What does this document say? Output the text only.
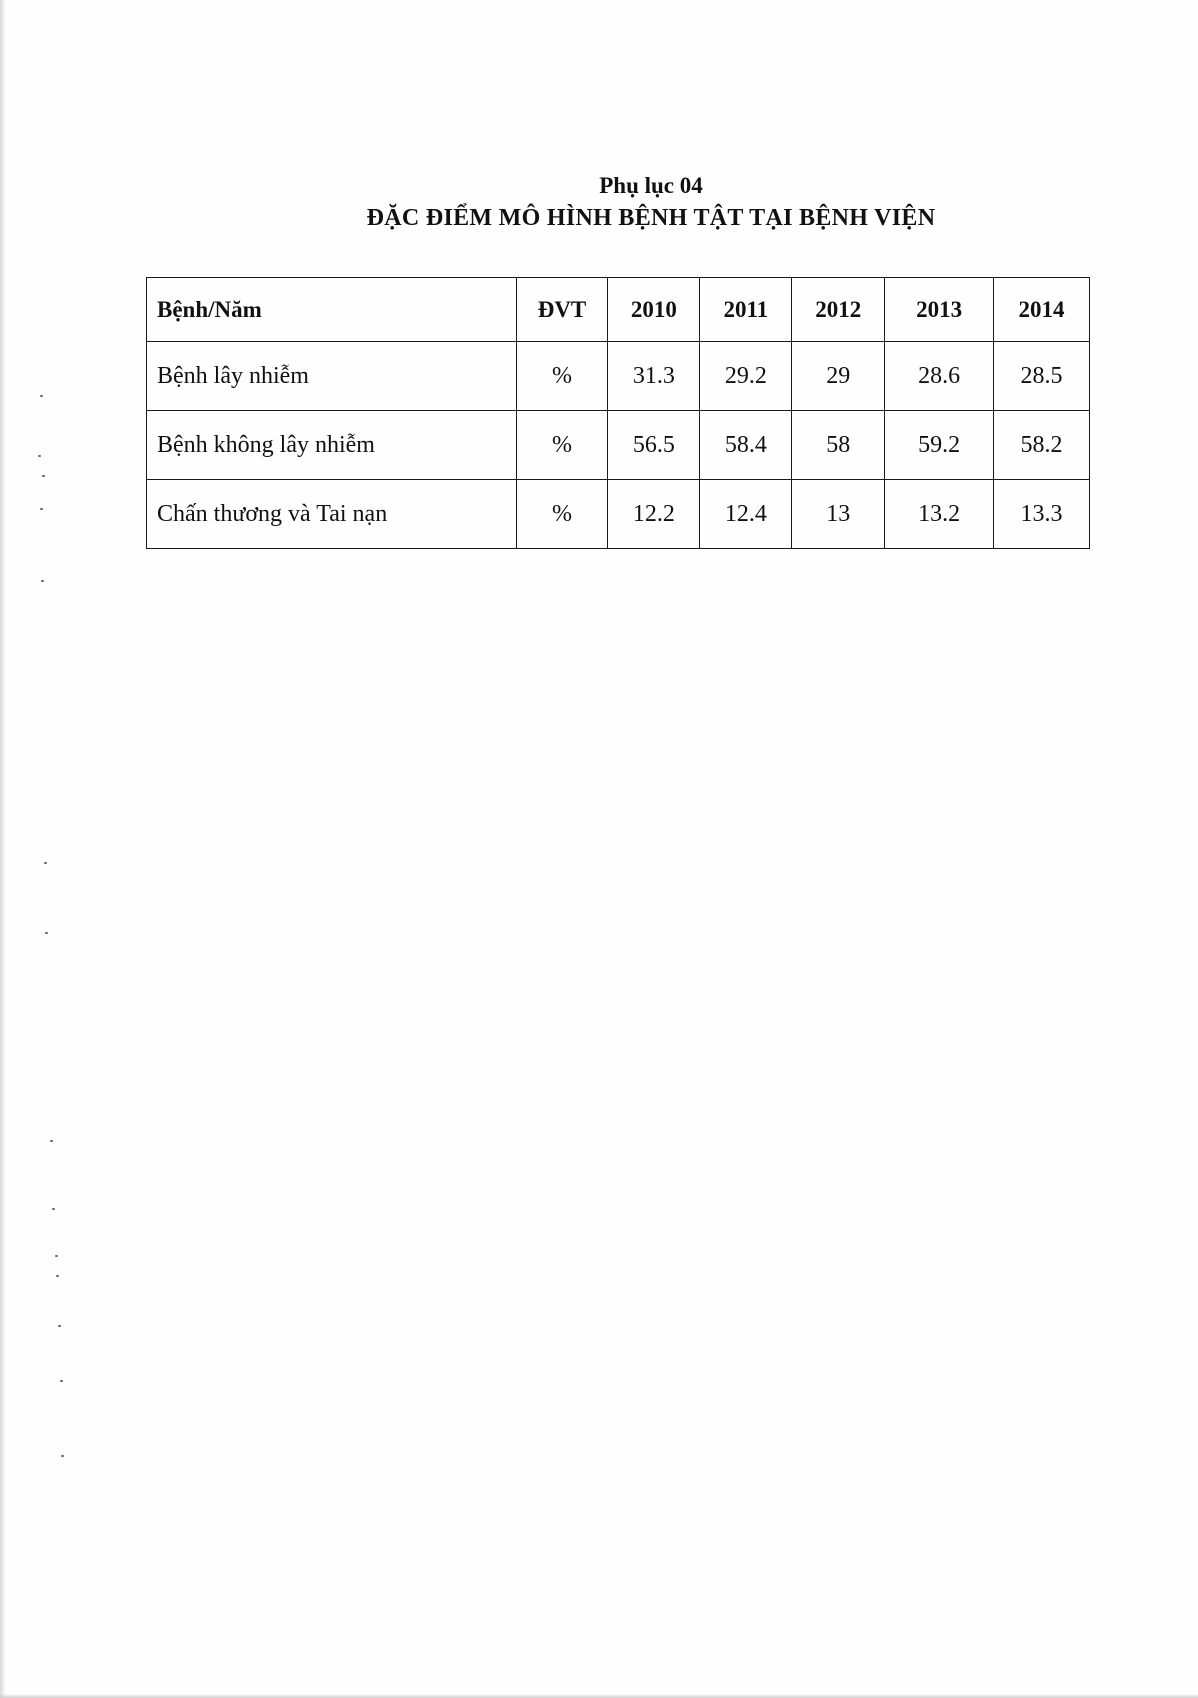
Phụ lục 04
ĐẶC ĐIỂM MÔ HÌNH BỆNH TẬT TẠI BỆNH VIỆN
Bệnh/Năm	ĐVT	2010	2011	2012	2013	2014
Bệnh lây nhiễm	%	31.3	29.2	29	28.6	28.5
Bệnh không lây nhiễm	%	56.5	58.4	58	59.2	58.2
Chấn thương và Tai nạn	%	12.2	12.4	13	13.2	13.3
